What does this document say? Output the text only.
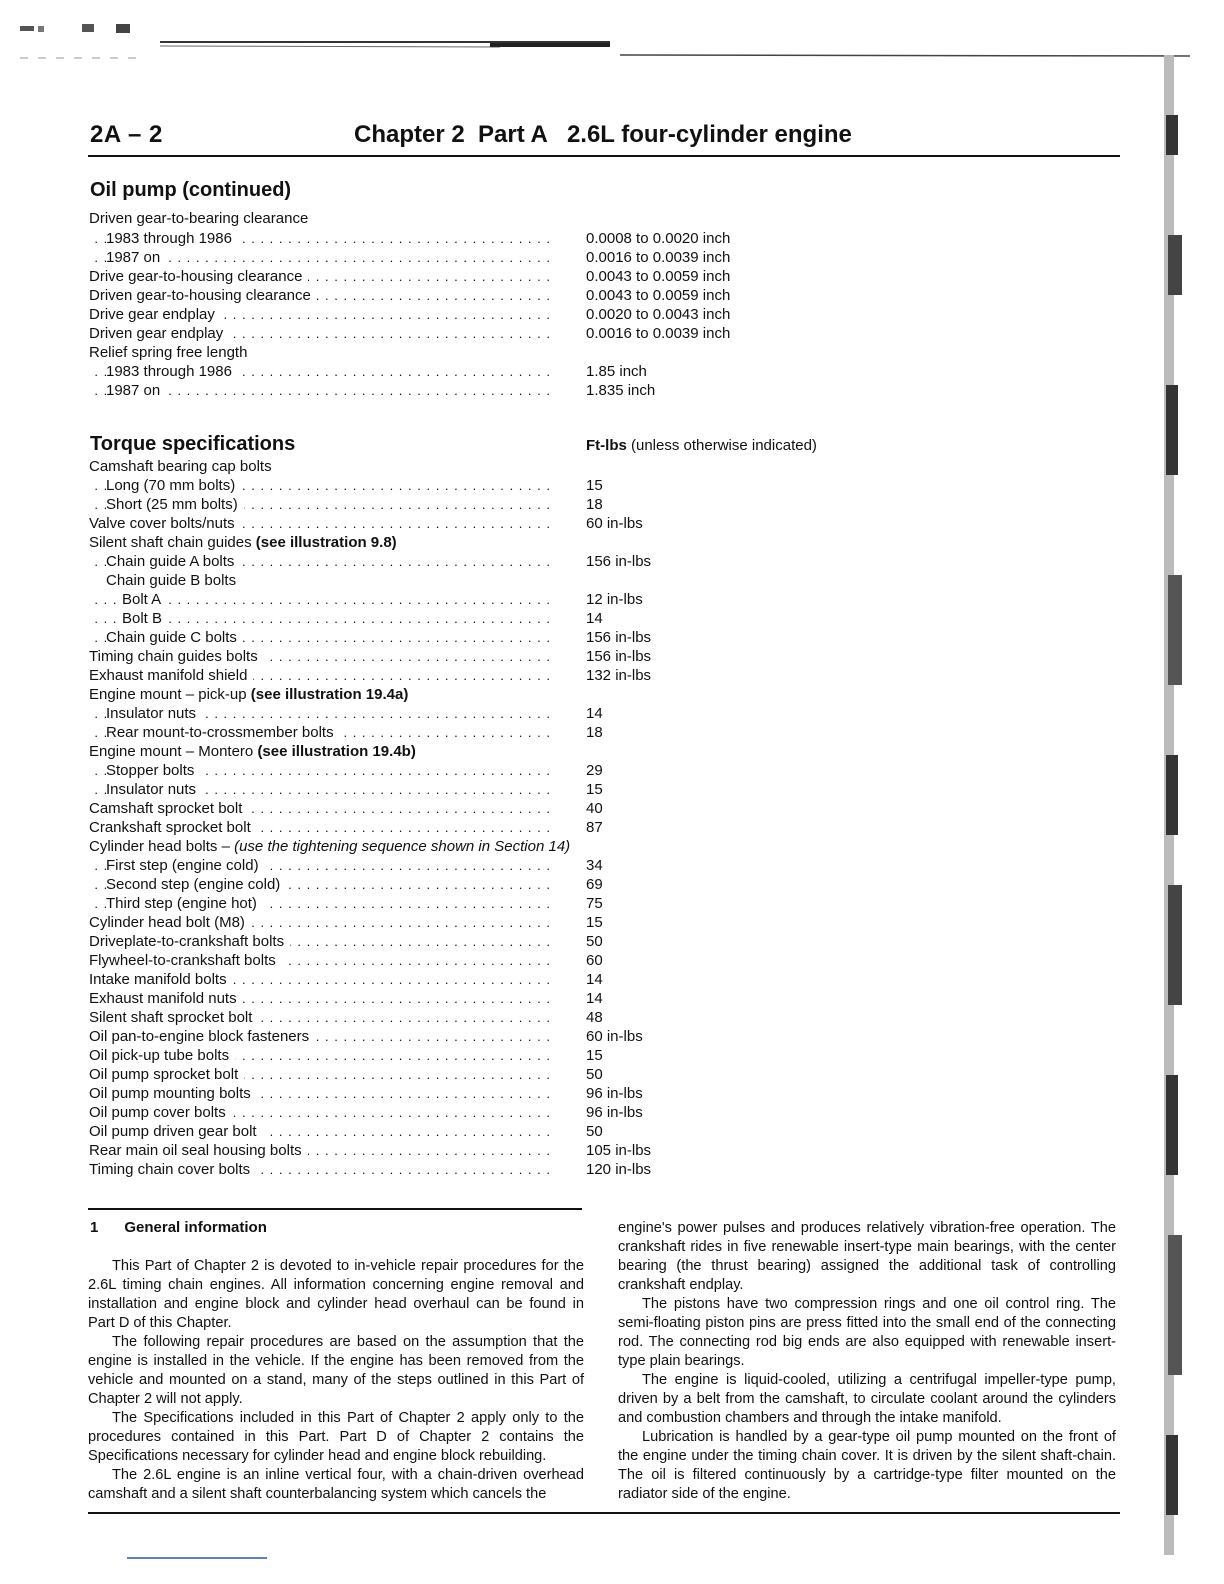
2A – 2	Chapter 2  Part A   2.6L four-cylinder engine
Oil pump (continued)
Driven gear-to-bearing clearance
1983 through 1986 . . .	0.0008 to 0.0020 inch
1987 on . . .	0.0016 to 0.0039 inch
Drive gear-to-housing clearance . . .	0.0043 to 0.0059 inch
Driven gear-to-housing clearance . . .	0.0043 to 0.0059 inch
Drive gear endplay . . .	0.0020 to 0.0043 inch
Driven gear endplay . . .	0.0016 to 0.0039 inch
Relief spring free length
1983 through 1986 . . .	1.85 inch
1987 on . . .	1.835 inch
Torque specifications	Ft-lbs (unless otherwise indicated)
Camshaft bearing cap bolts
Long (70 mm bolts) . . .	15
Short (25 mm bolts) . . .	18
Valve cover bolts/nuts . . .	60 in-lbs
Silent shaft chain guides (see illustration 9.8)
Chain guide A bolts . . .	156 in-lbs
Chain guide B bolts
Bolt A . . .	12 in-lbs
Bolt B . . .	14
Chain guide C bolts . . .	156 in-lbs
Timing chain guides bolts . . .	156 in-lbs
Exhaust manifold shield . . .	132 in-lbs
Engine mount – pick-up (see illustration 19.4a)
Insulator nuts . . .	14
Rear mount-to-crossmember bolts . . .	18
Engine mount – Montero (see illustration 19.4b)
Stopper bolts . . .	29
Insulator nuts . . .	15
Camshaft sprocket bolt . . .	40
Crankshaft sprocket bolt . . .	87
Cylinder head bolts – (use the tightening sequence shown in Section 14)
First step (engine cold) . . .	34
Second step (engine cold) . . .	69
Third step (engine hot) . . .	75
Cylinder head bolt (M8) . . .	15
Driveplate-to-crankshaft bolts . . .	50
Flywheel-to-crankshaft bolts . . .	60
Intake manifold bolts . . .	14
Exhaust manifold nuts . . .	14
Silent shaft sprocket bolt . . .	48
Oil pan-to-engine block fasteners . . .	60 in-lbs
Oil pick-up tube bolts . . .	15
Oil pump sprocket bolt . . .	50
Oil pump mounting bolts . . .	96 in-lbs
Oil pump cover bolts . . .	96 in-lbs
Oil pump driven gear bolt . . .	50
Rear main oil seal housing bolts . . .	105 in-lbs
Timing chain cover bolts . . .	120 in-lbs
1 General information

This Part of Chapter 2 is devoted to in-vehicle repair procedures for the 2.6L timing chain engines. All information concerning engine removal and installation and engine block and cylinder head overhaul can be found in Part D of this Chapter.

The following repair procedures are based on the assumption that the engine is installed in the vehicle. If the engine has been removed from the vehicle and mounted on a stand, many of the steps outlined in this Part of Chapter 2 will not apply.

The Specifications included in this Part of Chapter 2 apply only to the procedures contained in this Part. Part D of Chapter 2 contains the Specifications necessary for cylinder head and engine block rebuilding.

The 2.6L engine is an inline vertical four, with a chain-driven overhead camshaft and a silent shaft counterbalancing system which cancels the

engine's power pulses and produces relatively vibration-free operation. The crankshaft rides in five renewable insert-type main bearings, with the center bearing (the thrust bearing) assigned the additional task of controlling crankshaft endplay.

The pistons have two compression rings and one oil control ring. The semi-floating piston pins are press fitted into the small end of the connecting rod. The connecting rod big ends are also equipped with renewable insert-type plain bearings.

The engine is liquid-cooled, utilizing a centrifugal impeller-type pump, driven by a belt from the camshaft, to circulate coolant around the cylinders and combustion chambers and through the intake manifold.

Lubrication is handled by a gear-type oil pump mounted on the front of the engine under the timing chain cover. It is driven by the silent shaft-chain. The oil is filtered continuously by a cartridge-type filter mounted on the radiator side of the engine.
